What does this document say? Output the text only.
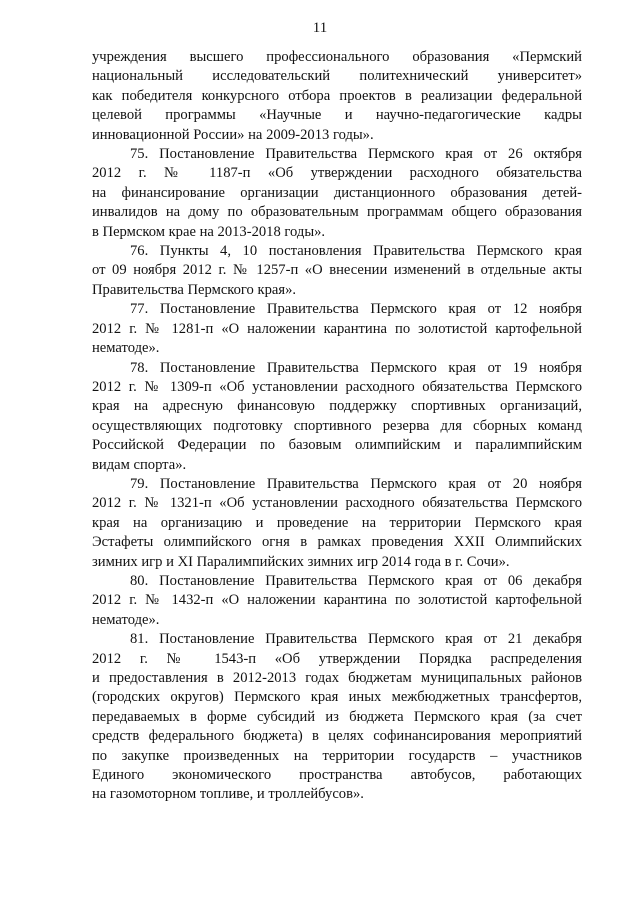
11

учреждения высшего профессионального образования «Пермский
национальный исследовательский политехнический университет»
как победителя конкурсного отбора проектов в реализации федеральной
целевой программы «Научные и научно-педагогические кадры
инновационной России» на 2009-2013 годы».

75. Постановление Правительства Пермского края от 26 октября
2012 г. № 1187-п «Об утверждении расходного обязательства
на финансирование организации дистанционного образования детей-
инвалидов на дому по образовательным программам общего образования
в Пермском крае на 2013-2018 годы».

76. Пункты 4, 10 постановления Правительства Пермского края
от 09 ноября 2012 г. № 1257-п «О внесении изменений в отдельные акты
Правительства Пермского края».

77. Постановление Правительства Пермского края от 12 ноября
2012 г. № 1281-п «О наложении карантина по золотистой картофельной
нематоде».

78. Постановление Правительства Пермского края от 19 ноября
2012 г. № 1309-п «Об установлении расходного обязательства Пермского
края на адресную финансовую поддержку спортивных организаций,
осуществляющих подготовку спортивного резерва для сборных команд
Российской Федерации по базовым олимпийским и паралимпийским
видам спорта».

79. Постановление Правительства Пермского края от 20 ноября
2012 г. № 1321-п «Об установлении расходного обязательства Пермского
края на организацию и проведение на территории Пермского края
Эстафеты олимпийского огня в рамках проведения XXII Олимпийских
зимних игр и XI Паралимпийских зимних игр 2014 года в г. Сочи».

80. Постановление Правительства Пермского края от 06 декабря
2012 г. № 1432-п «О наложении карантина по золотистой картофельной
нематоде».

81. Постановление Правительства Пермского края от 21 декабря
2012 г. № 1543-п «Об утверждении Порядка распределения
и предоставления в 2012-2013 годах бюджетам муниципальных районов
(городских округов) Пермского края иных межбюджетных трансфертов,
передаваемых в форме субсидий из бюджета Пермского края (за счет
средств федерального бюджета) в целях софинансирования мероприятий
по закупке произведенных на территории государств – участников
Единого экономического пространства автобусов, работающих
на газомоторном топливе, и троллейбусов».
